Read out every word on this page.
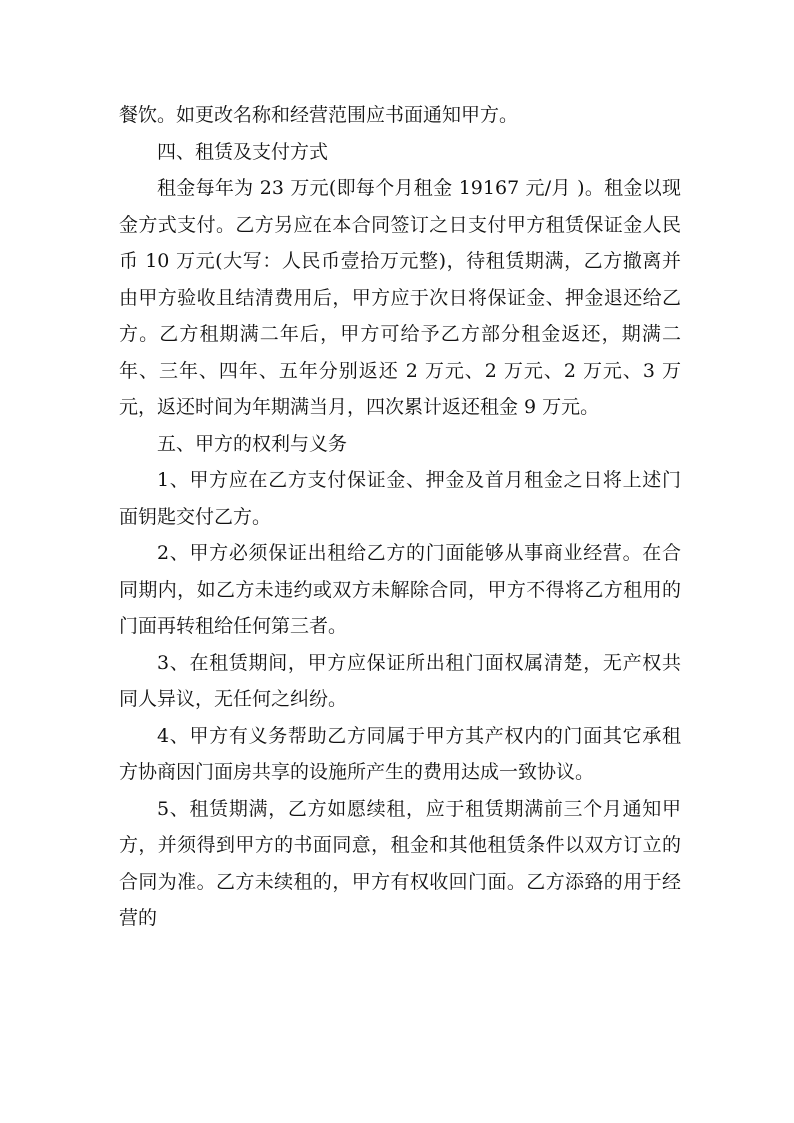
餐饮。如更改名称和经营范围应书面通知甲方。

四、租赁及支付方式

租金每年为 23 万元(即每个月租金 19167 元/月 )。租金以现金方式支付。乙方另应在本合同签订之日支付甲方租赁保证金人民币 10 万元(大写：人民币壹拾万元整)，待租赁期满，乙方撤离并由甲方验收且结清费用后，甲方应于次日将保证金、押金退还给乙方。乙方租期满二年后，甲方可给予乙方部分租金返还，期满二年、三年、四年、五年分别返还 2 万元、2 万元、2 万元、3 万元，返还时间为年期满当月，四次累计返还租金 9 万元。

五、甲方的权利与义务

1、甲方应在乙方支付保证金、押金及首月租金之日将上述门面钥匙交付乙方。

2、甲方必须保证出租给乙方的门面能够从事商业经营。在合同期内，如乙方未违约或双方未解除合同，甲方不得将乙方租用的门面再转租给任何第三者。

3、在租赁期间，甲方应保证所出租门面权属清楚，无产权共同人异议，无任何之纠纷。

4、甲方有义务帮助乙方同属于甲方其产权内的门面其它承租方协商因门面房共享的设施所产生的费用达成一致协议。

5、租赁期满，乙方如愿续租，应于租赁期满前三个月通知甲方，并须得到甲方的书面同意，租金和其他租赁条件以双方订立的合同为准。乙方未续租的，甲方有权收回门面。乙方添臵的用于经营的
